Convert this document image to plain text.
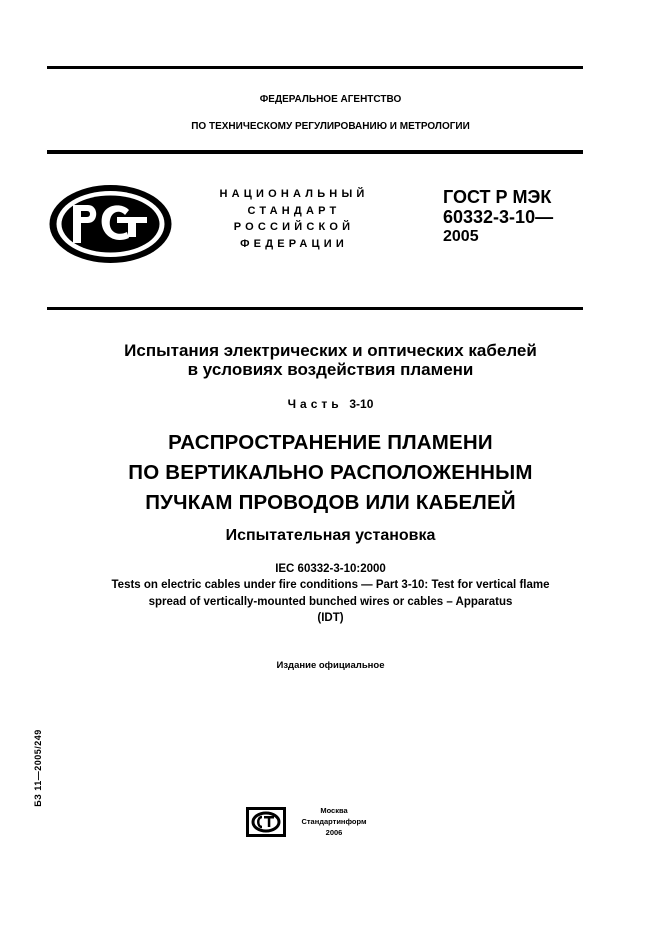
ФЕДЕРАЛЬНОЕ АГЕНТСТВО
ПО ТЕХНИЧЕСКОМУ РЕГУЛИРОВАНИЮ И МЕТРОЛОГИИ
НАЦИОНАЛЬНЫЙ
СТАНДАРТ
РОССИЙСКОЙ
ФЕДЕРАЦИИ
ГОСТ Р МЭК
60332-3-10—
2005
Испытания электрических и оптических кабелей
в условиях воздействия пламени
Часть 3-10
РАСПРОСТРАНЕНИЕ ПЛАМЕНИ
ПО ВЕРТИКАЛЬНО РАСПОЛОЖЕННЫМ
ПУЧКАМ ПРОВОДОВ ИЛИ КАБЕЛЕЙ
Испытательная установка
IEC 60332-3-10:2000
Tests on electric cables under fire conditions — Part 3-10: Test for vertical flame
spread of vertically-mounted bunched wires or cables – Apparatus
(IDT)
Издание официальное
БЗ 11—2005/249
Москва
Стандартинформ
2006
